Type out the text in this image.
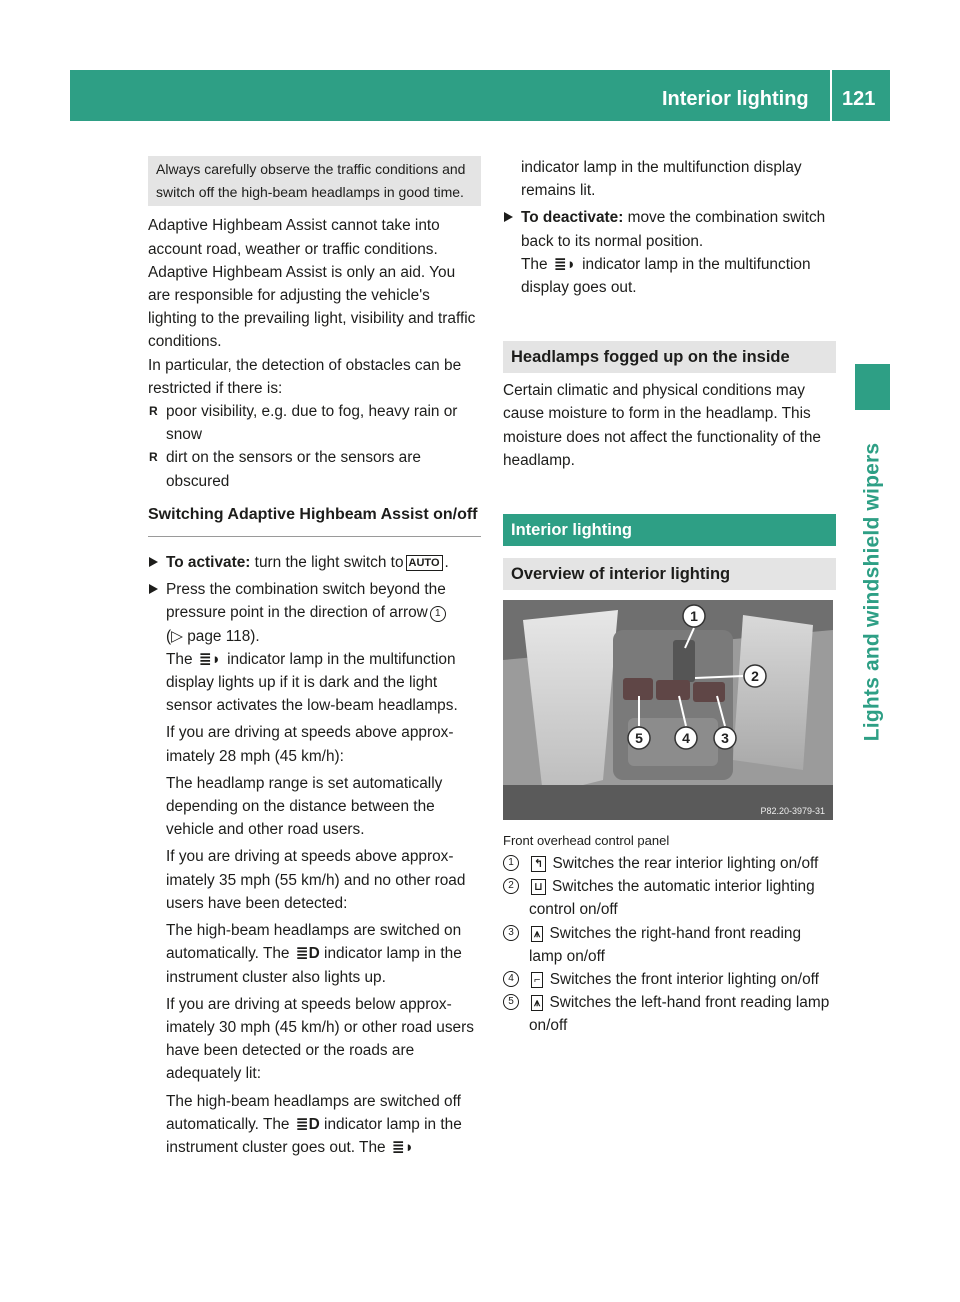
Interior lighting 121
Lights and windshield wipers

Always carefully observe the traffic conditions and switch off the high-beam headlamps in good time.

Adaptive Highbeam Assist cannot take into account road, weather or traffic conditions.

Adaptive Highbeam Assist is only an aid. You are responsible for adjusting the vehicle's lighting to the prevailing light, visibility and traffic conditions.

In particular, the detection of obstacles can be restricted if there is:

R poor visibility, e.g. due to fog, heavy rain or snow

R dirt on the sensors or the sensors are obscured

Switching Adaptive Highbeam Assist on/off

To activate: turn the light switch to AUTO .

Press the combination switch beyond the pressure point in the direction of arrow 1
(▷ page 118).

The ≣◗ indicator lamp in the multifunction display lights up if it is dark and the light sensor activates the low-beam headlamps.

If you are driving at speeds above approximately 28 mph (45 km/h):

The headlamp range is set automatically depending on the distance between the vehicle and other road users.

If you are driving at speeds above approximately 35 mph (55 km/h) and no other road users have been detected:

The high-beam headlamps are switched on automatically. The ≣D indicator lamp in the instrument cluster also lights up.

If you are driving at speeds below approximately 30 mph (45 km/h) or other road users have been detected or the roads are adequately lit:

The high-beam headlamps are switched off automatically. The ≣D indicator lamp in the instrument cluster goes out. The ≣◗

indicator lamp in the multifunction display remains lit.

To deactivate: move the combination switch back to its normal position.

The ≣◗ indicator lamp in the multifunction display goes out.

Headlamps fogged up on the inside

Certain climatic and physical conditions may cause moisture to form in the headlamp. This moisture does not affect the functionality of the headlamp.

Interior lighting
Overview of interior lighting
1
2
3
4
5
P82.20-3979-31

Front overhead control panel

1	↰ Switches the rear interior lighting on/off

2	⊔ Switches the automatic interior lighting control on/off

3	⩚ Switches the right-hand front reading lamp on/off

4	⌐ Switches the front interior lighting on/off

5	⩚ Switches the left-hand front reading lamp on/off
